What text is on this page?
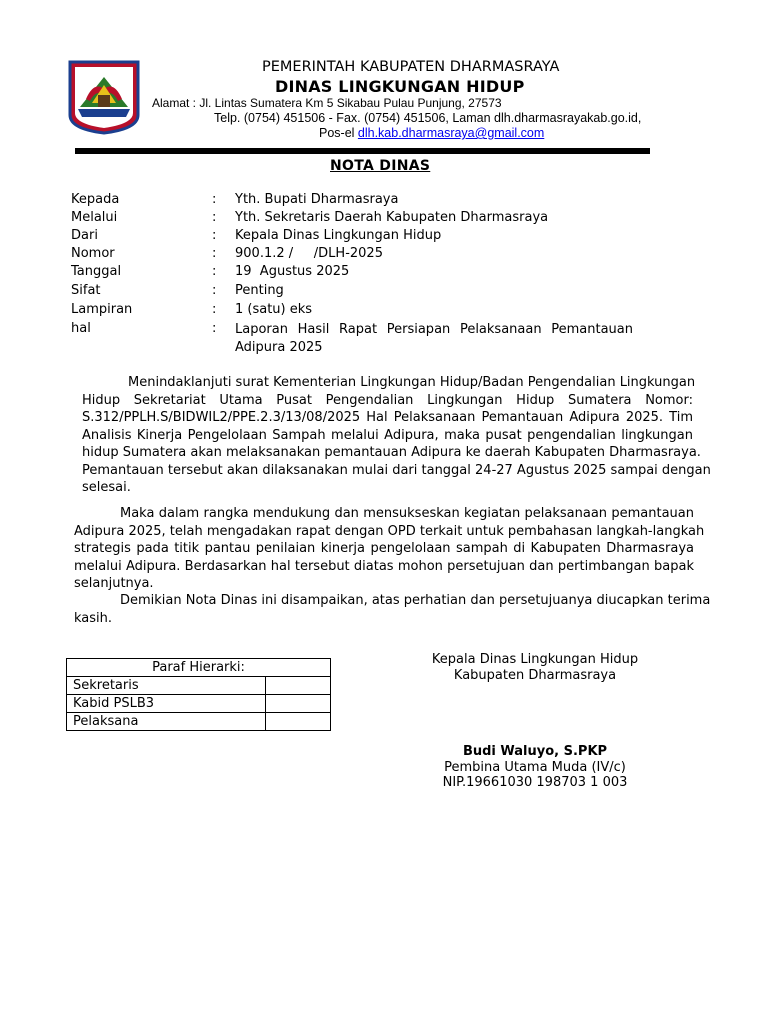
DHARMASRAYA
PEMERINTAH KABUPATEN DHARMASRAYA
DINAS LINGKUNGAN HIDUP
Alamat : Jl. Lintas Sumatera Km 5 Sikabau Pulau Punjung, 27573
Telp. (0754) 451506 - Fax. (0754) 451506, Laman dlh.dharmasrayakab.go.id,
Pos-el dlh.kab.dharmasraya@gmail.com
NOTA DINAS
Kepada	: Yth. Bupati Dharmasraya
Melalui	: Yth. Sekretaris Daerah Kabupaten Dharmasraya
Dari	: Kepala Dinas Lingkungan Hidup
Nomor	: 900.1.2 /     /DLH-2025
Tanggal	: 19  Agustus 2025
Sifat	: Penting
Lampiran	: 1 (satu) eks
hal	: Laporan Hasil Rapat Persiapan Pelaksanaan Pemantauan
Adipura 2025
Menindaklanjuti surat Kementerian Lingkungan Hidup/Badan Pengendalian Lingkungan
Hidup Sekretariat Utama Pusat Pengendalian Lingkungan Hidup Sumatera Nomor:
S.312/PPLH.S/BIDWIL2/PPE.2.3/13/08/2025 Hal Pelaksanaan Pemantauan Adipura 2025. Tim
Analisis Kinerja Pengelolaan Sampah melalui Adipura, maka pusat pengendalian lingkungan
hidup Sumatera akan melaksanakan pemantauan Adipura ke daerah Kabupaten Dharmasraya.
Pemantauan tersebut akan dilaksanakan mulai dari tanggal 24-27 Agustus 2025 sampai dengan
selesai.
Maka dalam rangka mendukung dan mensukseskan kegiatan pelaksanaan pemantauan
Adipura 2025, telah mengadakan rapat dengan OPD terkait untuk pembahasan langkah-langkah
strategis pada titik pantau penilaian kinerja pengelolaan sampah di Kabupaten Dharmasraya
melalui Adipura. Berdasarkan hal tersebut diatas mohon persetujuan dan pertimbangan bapak
selanjutnya.
Demikian Nota Dinas ini disampaikan, atas perhatian dan persetujuanya diucapkan terima
kasih.
Paraf Hierarki:	
Sekretaris	
Kabid PSLB3	
Pelaksana	
Kepala Dinas Lingkungan Hidup
Kabupaten Dharmasraya
Budi Waluyo, S.PKP
Pembina Utama Muda (IV/c)
NIP.19661030 198703 1 003
